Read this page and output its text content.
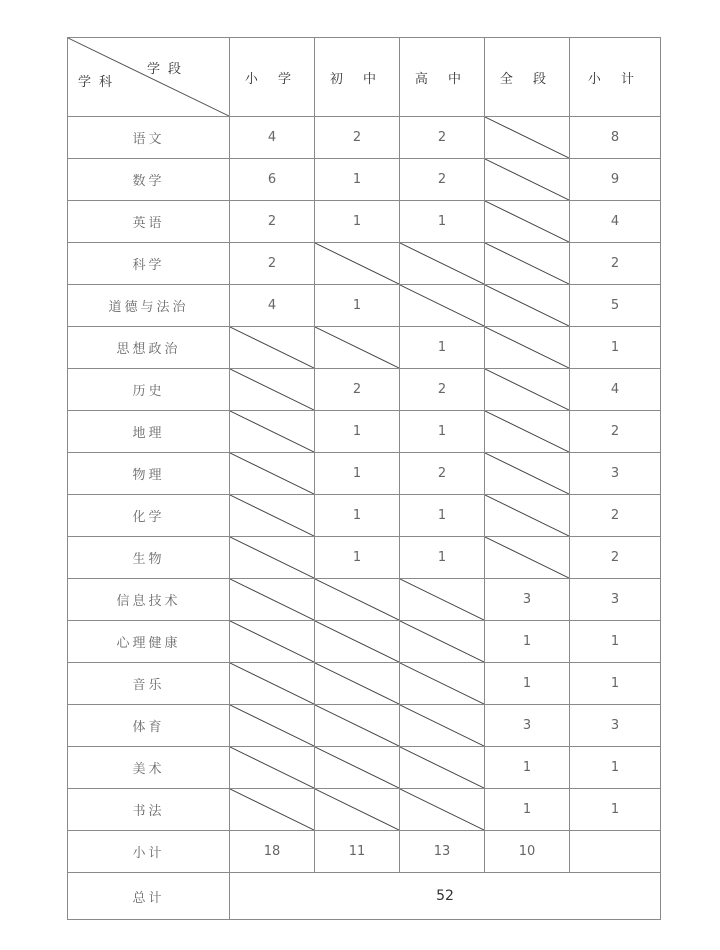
学段
学科	小 学	初 中	高 中	全 段	小 计
语文	4	2	2		8
数学	6	1	2		9
英语	2	1	1		4
科学	2				2
道德与法治	4	1			5
思想政治			1		1
历史		2	2		4
地理		1	1		2
物理		1	2		3
化学		1	1		2
生物		1	1		2
信息技术				3	3
心理健康				1	1
音乐				1	1
体育				3	3
美术				1	1
书法				1	1
小计	18	11	13	10	
总计	52				
